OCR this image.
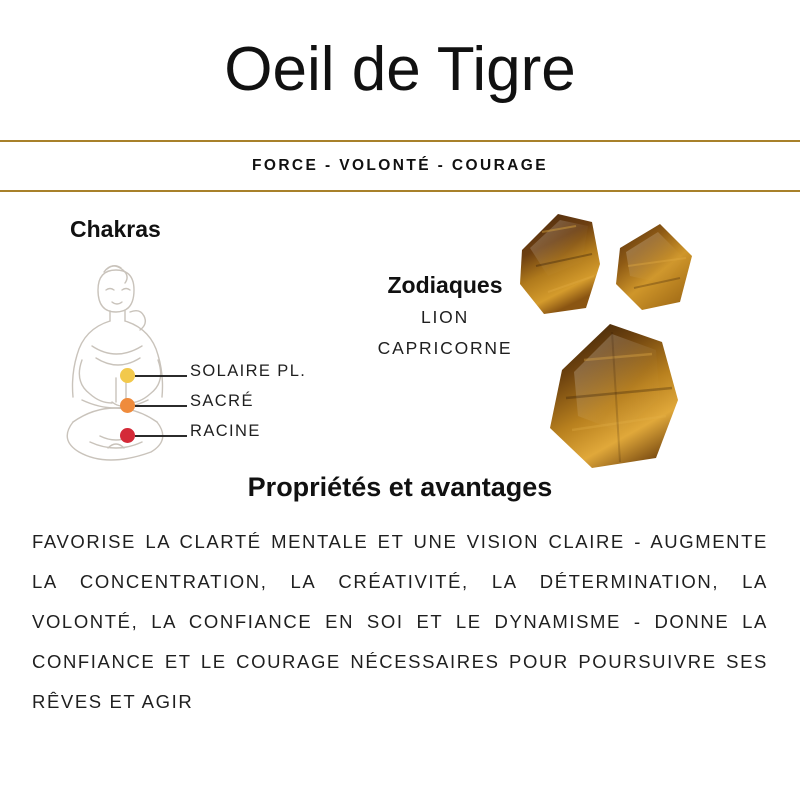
Oeil de Tigre
FORCE - VOLONTÉ - COURAGE
Chakras
SOLAIRE PL.
SACRÉ
RACINE
Zodiaques
LION
CAPRICORNE
Propriétés et avantages
FAVORISE LA CLARTÉ MENTALE ET UNE VISION CLAIRE - AUGMENTE LA CONCENTRATION, LA CRÉATIVITÉ, LA DÉTERMINATION, LA VOLONTÉ, LA CONFIANCE EN SOI ET LE DYNAMISME - DONNE LA CONFIANCE ET LE COURAGE NÉCESSAIRES POUR POURSUIVRE SES RÊVES ET AGIR
